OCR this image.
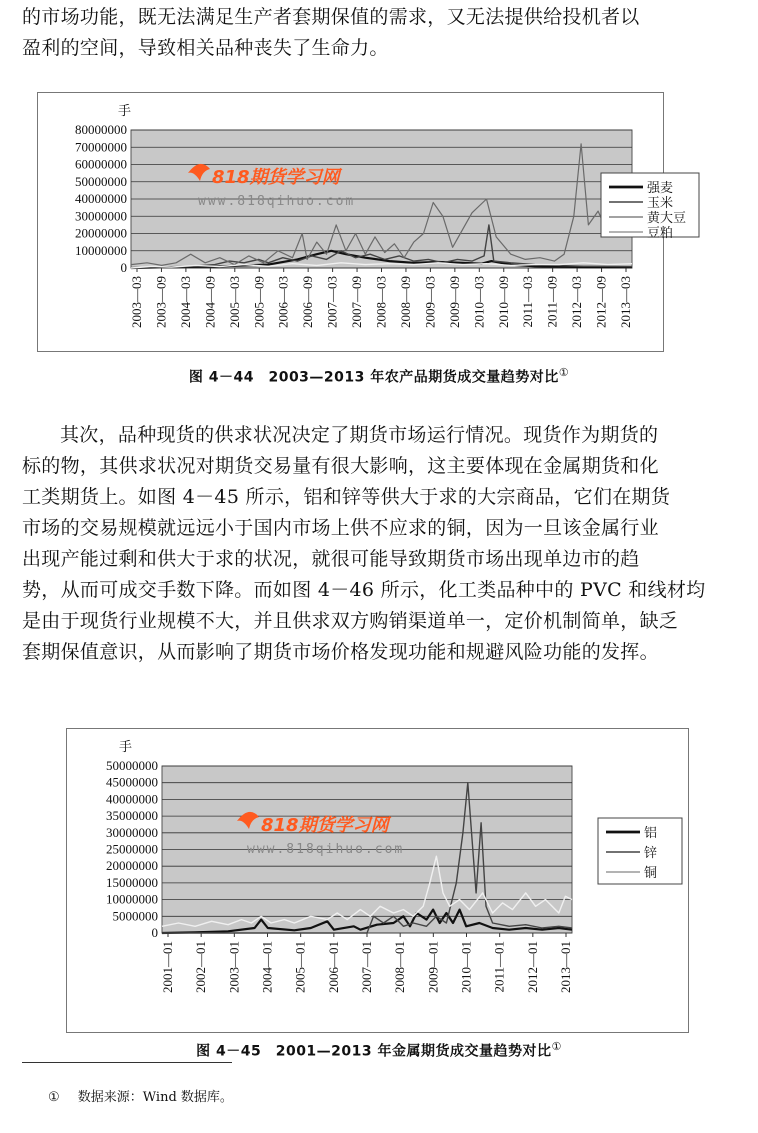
的市场功能，既无法满足生产者套期保值的需求，又无法提供给投机者以
盈利的空间，导致相关品种丧失了生命力。
0
10000000
20000000
30000000
40000000
50000000
60000000
70000000
80000000
手
2003—03 2003—09 2004—03 2004—09 2005—03 2005—09 2006—03 2006—09 2007—03 2007—09 2008—03 2008—09 2009—03 2009—09 2010—03 2010—09 2011—03 2011—09 2012—03 2012—09 2013—03
强麦
玉米
黄大豆
豆粕
818期货学习网
www.818qihuo.com
图 4－44　2003—2013 年农产品期货成交量趋势对比①
其次，品种现货的供求状况决定了期货市场运行情况。现货作为期货的
标的物，其供求状况对期货交易量有很大影响，这主要体现在金属期货和化
工类期货上。如图 4－45 所示，铝和锌等供大于求的大宗商品，它们在期货
市场的交易规模就远远小于国内市场上供不应求的铜，因为一旦该金属行业
出现产能过剩和供大于求的状况，就很可能导致期货市场出现单边市的趋
势，从而可成交手数下降。而如图 4－46 所示，化工类品种中的 PVC 和线材均
是由于现货行业规模不大，并且供求双方购销渠道单一，定价机制简单，缺乏
套期保值意识，从而影响了期货市场价格发现功能和规避风险功能的发挥。
0
5000000
10000000
15000000
20000000
25000000
30000000
35000000
40000000
45000000
50000000
手
2001—01 2002—01 2003—01 2004—01 2005—01 2006—01 2007—01 2008—01 2009—01 2010—01 2011—01 2012—01 2013—01
铝
锌
铜
818期货学习网
www.818qihuo.com
图 4－45　2001—2013 年金属期货成交量趋势对比①
① 数据来源：Wind 数据库。
